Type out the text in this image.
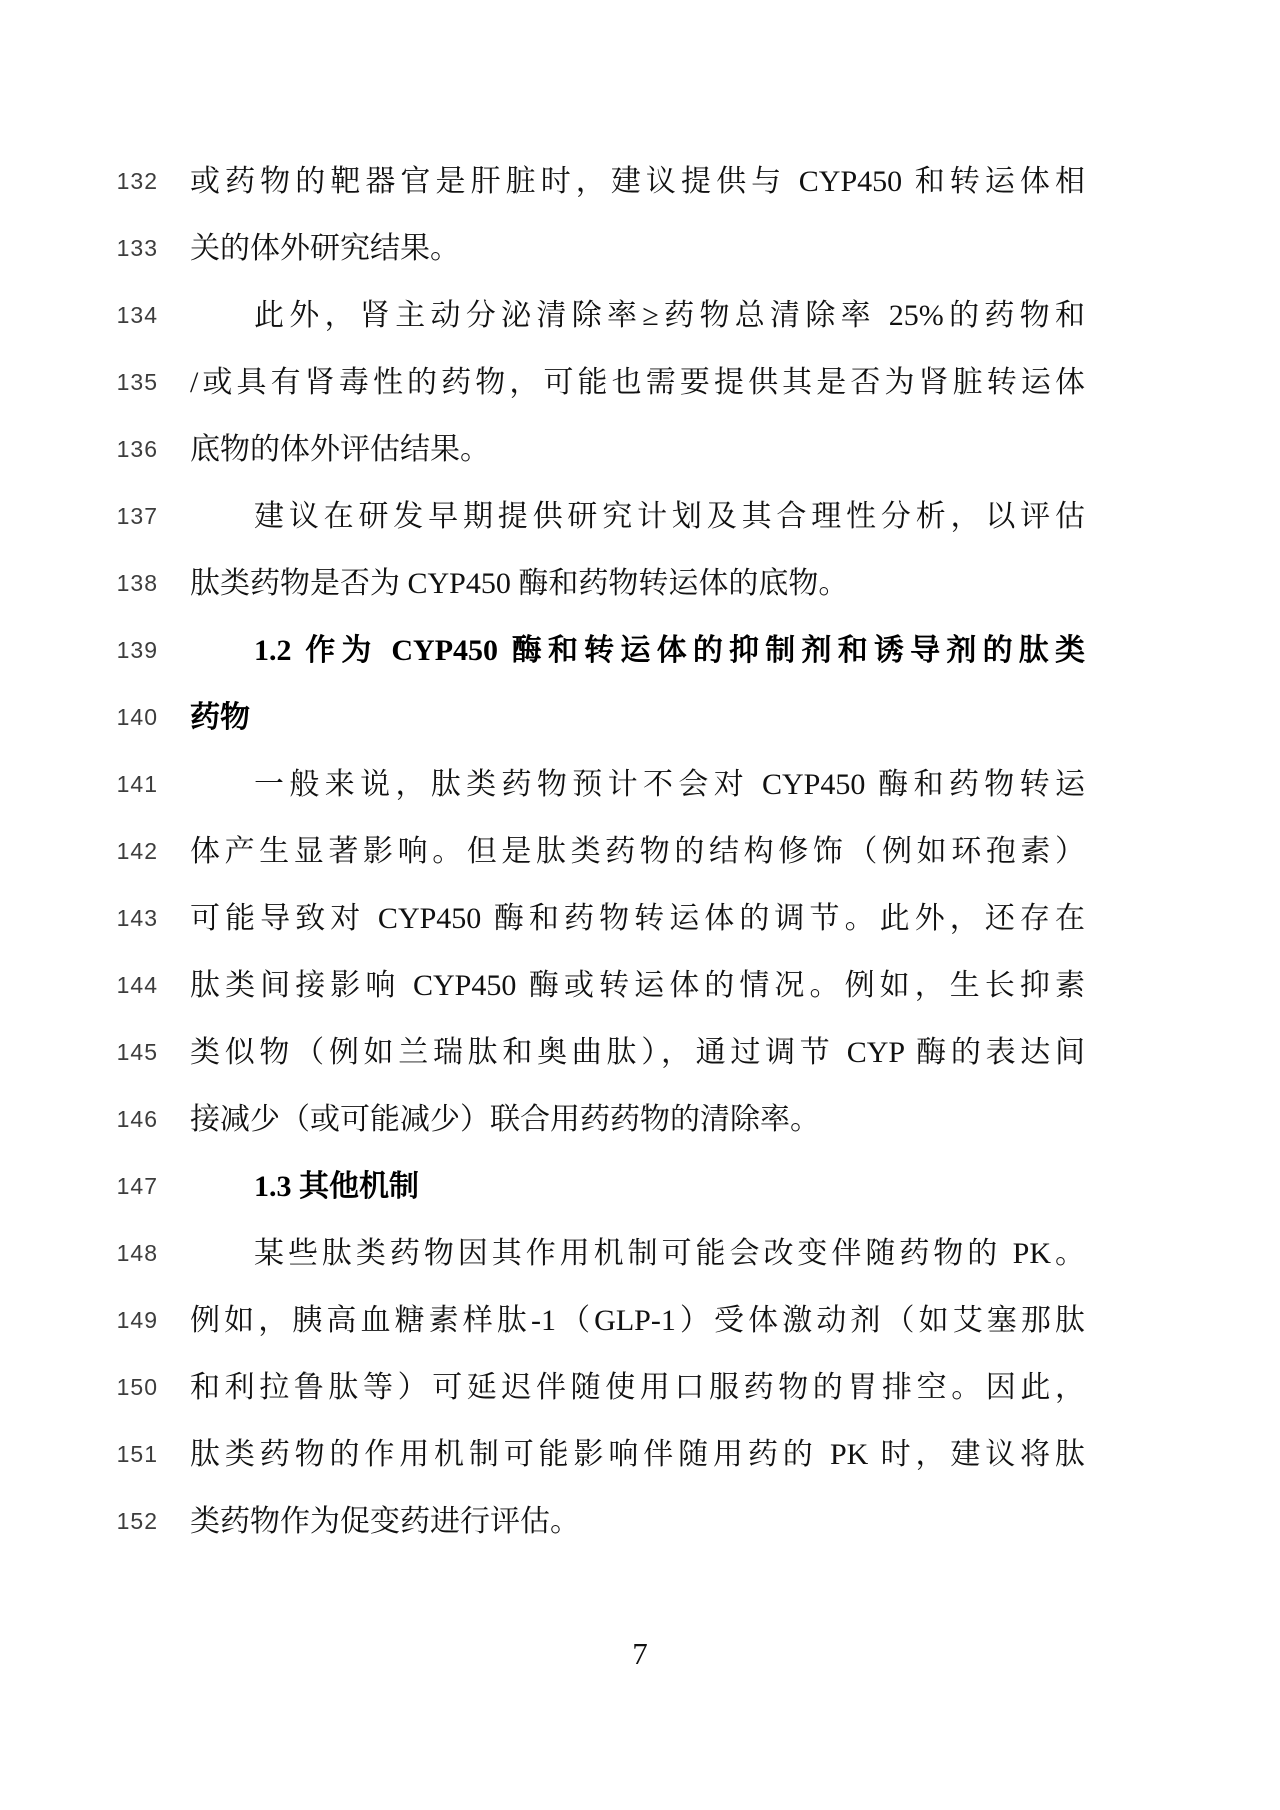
132 或药物的靶器官是肝脏时，建议提供与 CYP450 和转运体相
133 关的体外研究结果。
134	此外，肾主动分泌清除率≥药物总清除率 25%的药物和
135 /或具有肾毒性的药物，可能也需要提供其是否为肾脏转运体
136 底物的体外评估结果。
137	建议在研发早期提供研究计划及其合理性分析，以评估
138 肽类药物是否为 CYP450 酶和药物转运体的底物。
139	1.2 作为 CYP450 酶和转运体的抑制剂和诱导剂的肽类
140 药物
141	一般来说，肽类药物预计不会对 CYP450 酶和药物转运
142 体产生显著影响。但是肽类药物的结构修饰（例如环孢素）
143 可能导致对 CYP450 酶和药物转运体的调节。此外，还存在
144 肽类间接影响 CYP450 酶或转运体的情况。例如，生长抑素
145 类似物（例如兰瑞肽和奥曲肽），通过调节 CYP 酶的表达间
146 接减少（或可能减少）联合用药药物的清除率。
147	1.3 其他机制
148	某些肽类药物因其作用机制可能会改变伴随药物的 PK。
149 例如，胰高血糖素样肽-1（GLP-1）受体激动剂（如艾塞那肽
150 和利拉鲁肽等）可延迟伴随使用口服药物的胃排空。因此，
151 肽类药物的作用机制可能影响伴随用药的 PK 时，建议将肽
152 类药物作为促变药进行评估。
7
